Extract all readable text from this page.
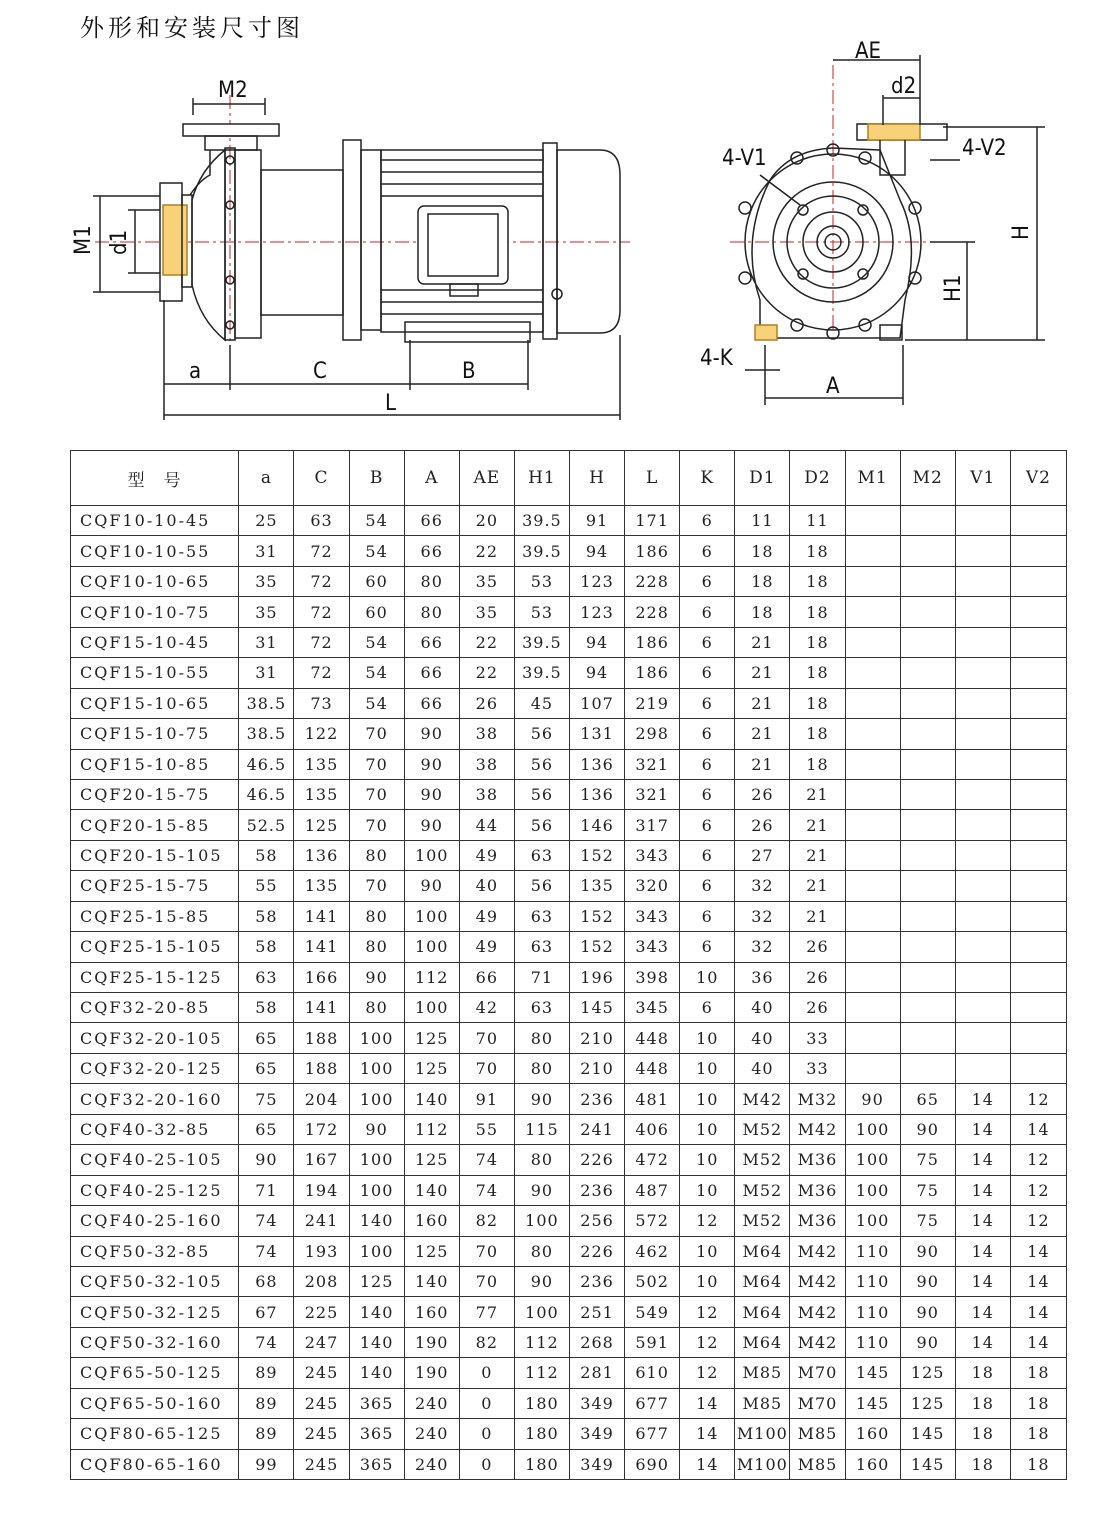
外形和安装尺寸图
M2
M1 d1
a	C	B
L
AE
d2
4-V1	4-V2
H
H1
4-K
A
型　号	a	C	B	A	AE	H1	H	L	K	D1	D2	M1	M2	V1	V2
CQF10-10-45	25	63	54	66	20	39.5	91	171	6	11	11				
CQF10-10-55	31	72	54	66	22	39.5	94	186	6	18	18				
CQF10-10-65	35	72	60	80	35	53	123	228	6	18	18				
CQF10-10-75	35	72	60	80	35	53	123	228	6	18	18				
CQF15-10-45	31	72	54	66	22	39.5	94	186	6	21	18				
CQF15-10-55	31	72	54	66	22	39.5	94	186	6	21	18				
CQF15-10-65	38.5	73	54	66	26	45	107	219	6	21	18				
CQF15-10-75	38.5	122	70	90	38	56	131	298	6	21	18				
CQF15-10-85	46.5	135	70	90	38	56	136	321	6	21	18				
CQF20-15-75	46.5	135	70	90	38	56	136	321	6	26	21				
CQF20-15-85	52.5	125	70	90	44	56	146	317	6	26	21				
CQF20-15-105	58	136	80	100	49	63	152	343	6	27	21				
CQF25-15-75	55	135	70	90	40	56	135	320	6	32	21				
CQF25-15-85	58	141	80	100	49	63	152	343	6	32	21				
CQF25-15-105	58	141	80	100	49	63	152	343	6	32	26				
CQF25-15-125	63	166	90	112	66	71	196	398	10	36	26				
CQF32-20-85	58	141	80	100	42	63	145	345	6	40	26				
CQF32-20-105	65	188	100	125	70	80	210	448	10	40	33				
CQF32-20-125	65	188	100	125	70	80	210	448	10	40	33				
CQF32-20-160	75	204	100	140	91	90	236	481	10	M42	M32	90	65	14	12
CQF40-32-85	65	172	90	112	55	115	241	406	10	M52	M42	100	90	14	14
CQF40-25-105	90	167	100	125	74	80	226	472	10	M52	M36	100	75	14	12
CQF40-25-125	71	194	100	140	74	90	236	487	10	M52	M36	100	75	14	12
CQF40-25-160	74	241	140	160	82	100	256	572	12	M52	M36	100	75	14	12
CQF50-32-85	74	193	100	125	70	80	226	462	10	M64	M42	110	90	14	14
CQF50-32-105	68	208	125	140	70	90	236	502	10	M64	M42	110	90	14	14
CQF50-32-125	67	225	140	160	77	100	251	549	12	M64	M42	110	90	14	14
CQF50-32-160	74	247	140	190	82	112	268	591	12	M64	M42	110	90	14	14
CQF65-50-125	89	245	140	190	0	112	281	610	12	M85	M70	145	125	18	18
CQF65-50-160	89	245	365	240	0	180	349	677	14	M85	M70	145	125	18	18
CQF80-65-125	89	245	365	240	0	180	349	677	14	M100	M85	160	145	18	18
CQF80-65-160	99	245	365	240	0	180	349	690	14	M100	M85	160	145	18	18
